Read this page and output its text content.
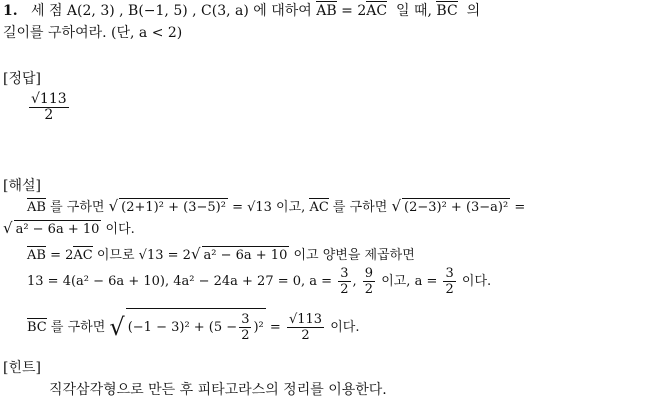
1. 세 점 A(2, 3) , B(−1, 5) , C(3, a) 에 대하여 AB = 2AC 일 때, BC 의
길이를 구하여라. (단, a < 2)
[정답]
$\frac{√113}{2}$
[해설]
AB 를 구하면 √ (2+1)² + (3−5)² = √13 이고, AC 를 구하면 √ (2−3)² + (3−a)² =
√ a² − 6a + 10 이다.
AB = 2AC 이므로 √13 = 2√ a² − 6a + 10 이고 양변을 제곱하면
13 = 4(a² − 6a + 10), 4a² − 24a + 27 = 0, $a = \frac{3}{2}$ , $\frac{9}{2}$ 이고, $a = \frac{3}{2}$ 이다.
BC 를 구하면 √ $(-1 - 3)^2 + (5 - \frac{3}{2} )^2 = \frac{√113}{2}$ 이다.
[힌트]
직각삼각형으로 만든 후 피타고라스의 정리를 이용한다.
